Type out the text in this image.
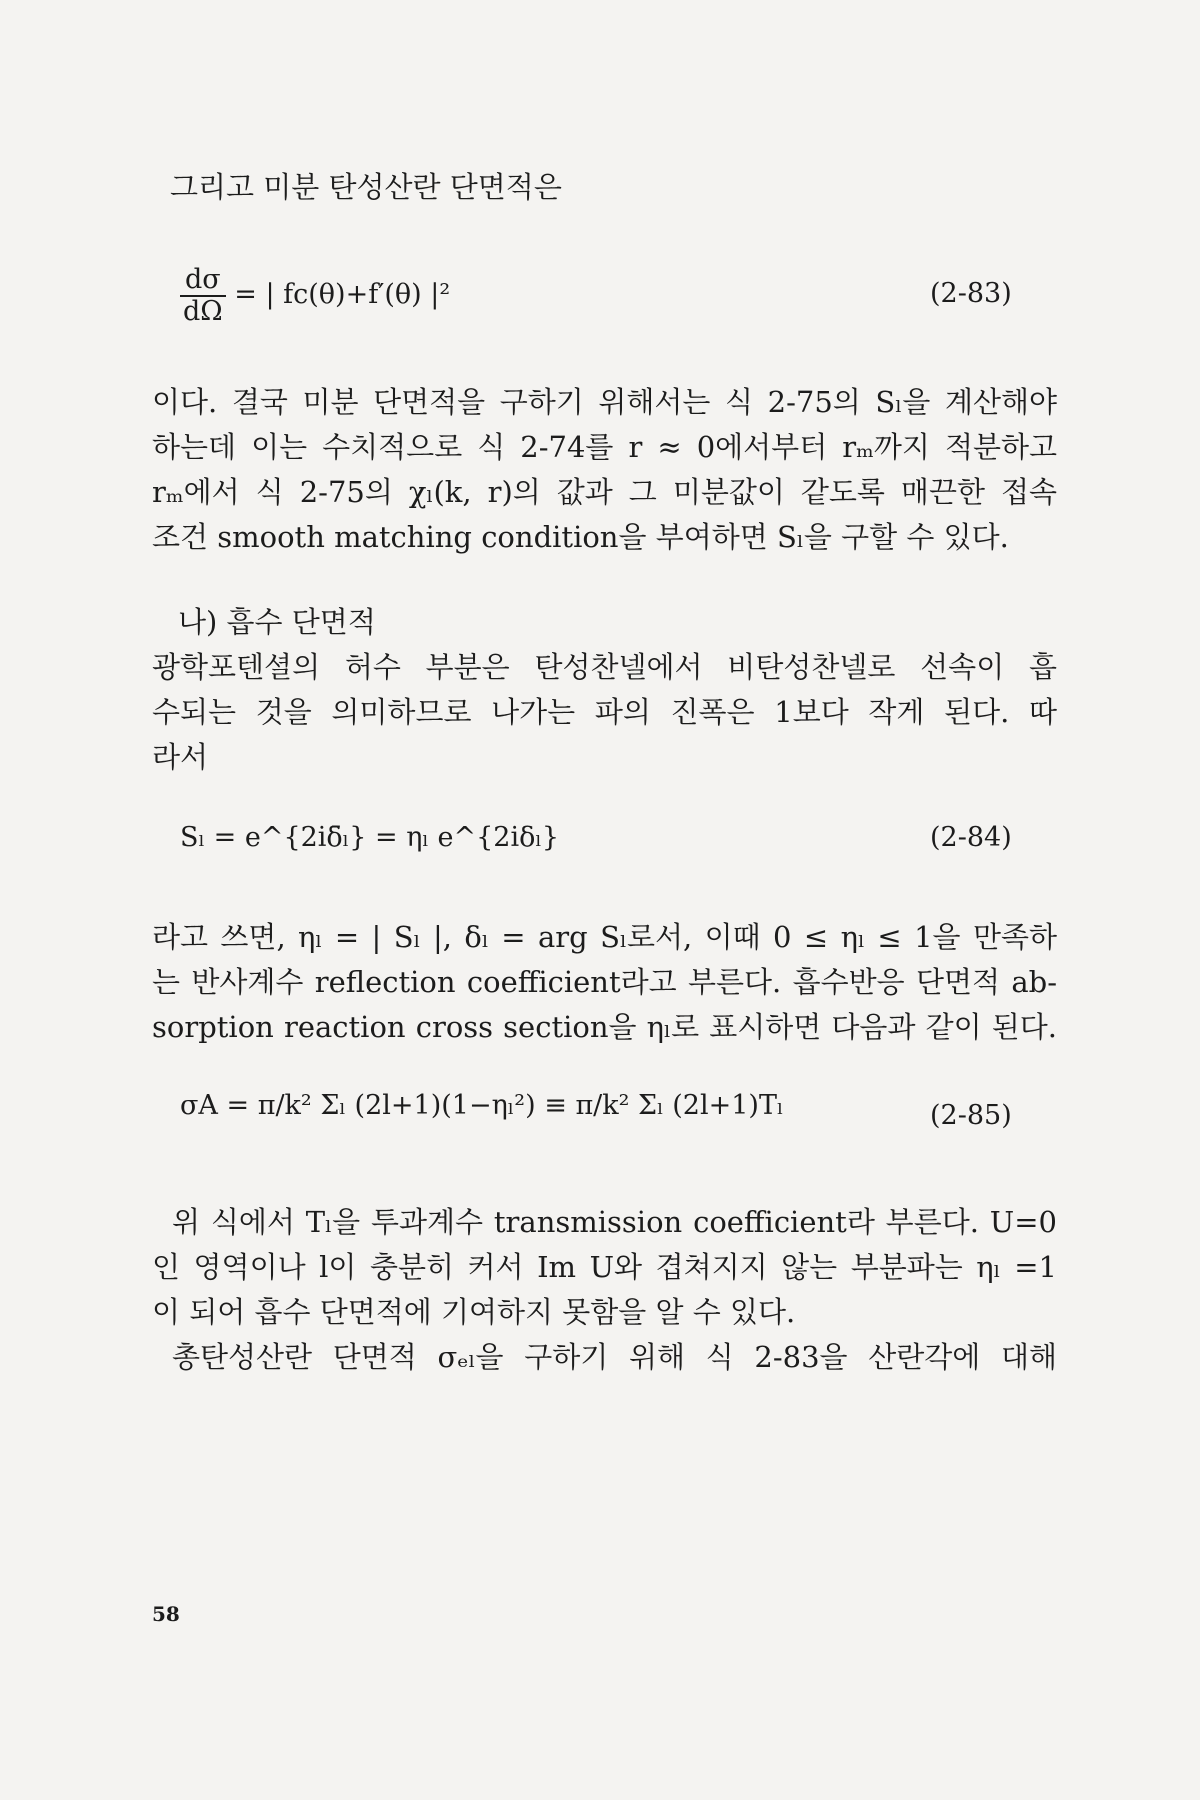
그리고 미분 탄성산란 단면적은
$\frac{d\sigma}{d\Omega}$ = | fc(θ)+f′(θ) |²	(2-83)
이다. 결국 미분 단면적을 구하기 위해서는 식 2-75의 Sₗ을 계산해야
하는데 이는 수치적으로 식 2-74를 r ≈ 0에서부터 rₘ까지 적분하고
rₘ에서 식 2-75의 χₗ(k, r)의 값과 그 미분값이 같도록 매끈한 접속
조건 smooth matching condition을 부여하면 Sₗ을 구할 수 있다.
나) 흡수 단면적
광학포텐셜의 허수 부분은 탄성찬넬에서 비탄성찬넬로 선속이 흡
수되는 것을 의미하므로 나가는 파의 진폭은 1보다 작게 된다. 따
라서
Sₗ = e^{2iδ̄ₗ} = ηₗ e^{2iδₗ}	(2-84)
라고 쓰면, ηₗ = | Sₗ |, δₗ = arg Sₗ로서, 이때 0 ≤ ηₗ ≤ 1을 만족하
는 반사계수 reflection coefficient라고 부른다. 흡수반응 단면적 ab-
sorption reaction cross section을 ηₗ로 표시하면 다음과 같이 된다.
σA = π/k² Σₗ (2l+1)(1−ηₗ²) ≡ π/k² Σₗ (2l+1)Tₗ	(2-85)
위 식에서 Tₗ을 투과계수 transmission coefficient라 부른다. U=0
인 영역이나 l이 충분히 커서 Im U와 겹쳐지지 않는 부분파는 ηₗ =1
이 되어 흡수 단면적에 기여하지 못함을 알 수 있다.
총탄성산란 단면적 σₑₗ을 구하기 위해 식 2-83을 산란각에 대해
58
